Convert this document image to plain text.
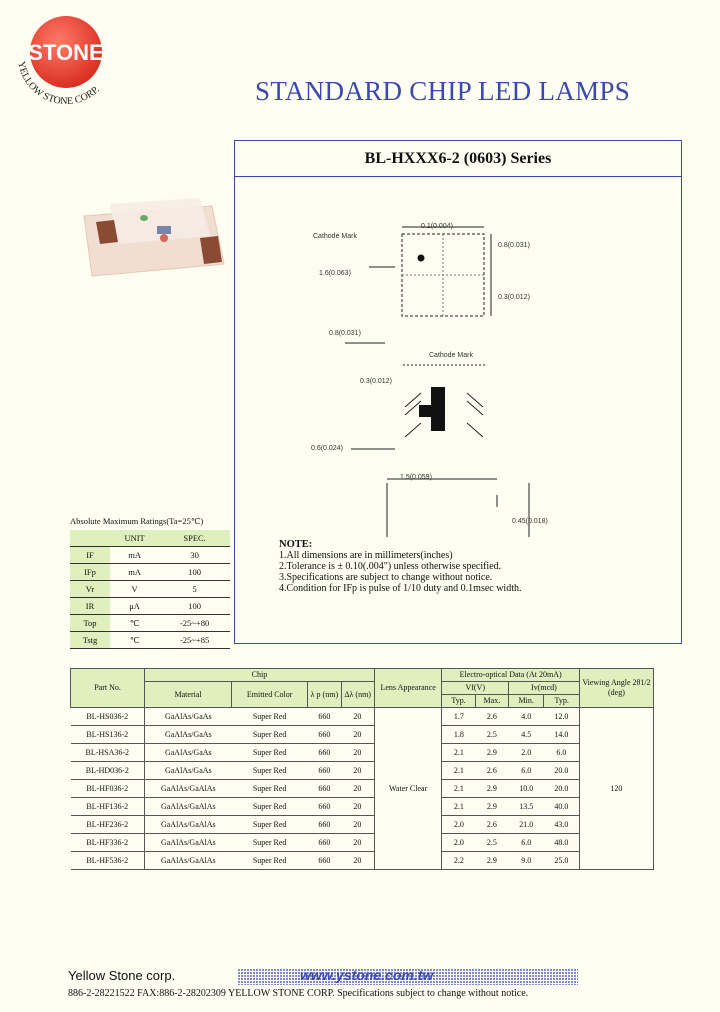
STONE
YELLOW STONE CORP.	STANDARD CHIP LED LAMPS
BL-HXXX6-2 (0603) Series
0.1(0.004)
Cathode Mark
0.8(0.031)
1.6(0.063)
0.3(0.012)
0.8(0.031)
Cathode Mark
0.3(0.012)
0.6(0.024)
1.5(0.059)
0.45(0.018)
NOTE:
1.All dimensions are in millimeters(inches)
2.Tolerance is ± 0.10(.004") unless otherwise specified.
3.Specifications are subject to change without notice.
4.Condition for IFp is pulse of 1/10 duty and 0.1msec width.
Absolute Maximum Ratings(Ta=25℃)
	UNIT	SPEC.
IF	mA	30
IFp	mA	100
Vr	V	5
IR	μA	100
Top	℃	-25~+80
Tstg	℃	-25~+85
Part No.	Chip				Lens Appearance	Electro-optical Data (At 20mA)				Viewing Angle 2θ1/2 (deg)
	Material	Emitted Color	λ p (nm)	Δλ (nm)		Vf(V)		Iv(mcd)		
						Typ.	Max.	Min.	Typ.	
BL-HS036-2	GaAlAs/GaAs	Super Red	660	20	Water Clear	1.7	2.6	4.0	12.0	120
BL-HS136-2	GaAlAs/GaAs	Super Red	660	20		1.8	2.5	4.5	14.0	
BL-HSA36-2	GaAlAs/GaAs	Super Red	660	20		2.1	2.9	2.0	6.0	
BL-HD036-2	GaAlAs/GaAs	Super Red	660	20		2.1	2.6	6.0	20.0	
BL-HF036-2	GaAlAs/GaAlAs	Super Red	660	20		2.1	2.9	10.0	20.0	
BL-HF136-2	GaAlAs/GaAlAs	Super Red	660	20		2.1	2.9	13.5	40.0	
BL-HF236-2	GaAlAs/GaAlAs	Super Red	660	20		2.0	2.6	21.0	43.0	
BL-HF336-2	GaAlAs/GaAlAs	Super Red	660	20		2.0	2.5	6.0	48.0	
BL-HF536-2	GaAlAs/GaAlAs	Super Red	660	20		2.2	2.9	9.0	25.0	
Yellow Stone corp.	www.ystone.com.tw
886-2-28221522 FAX:886-2-28202309 YELLOW STONE CORP. Specifications subject to change without notice.
